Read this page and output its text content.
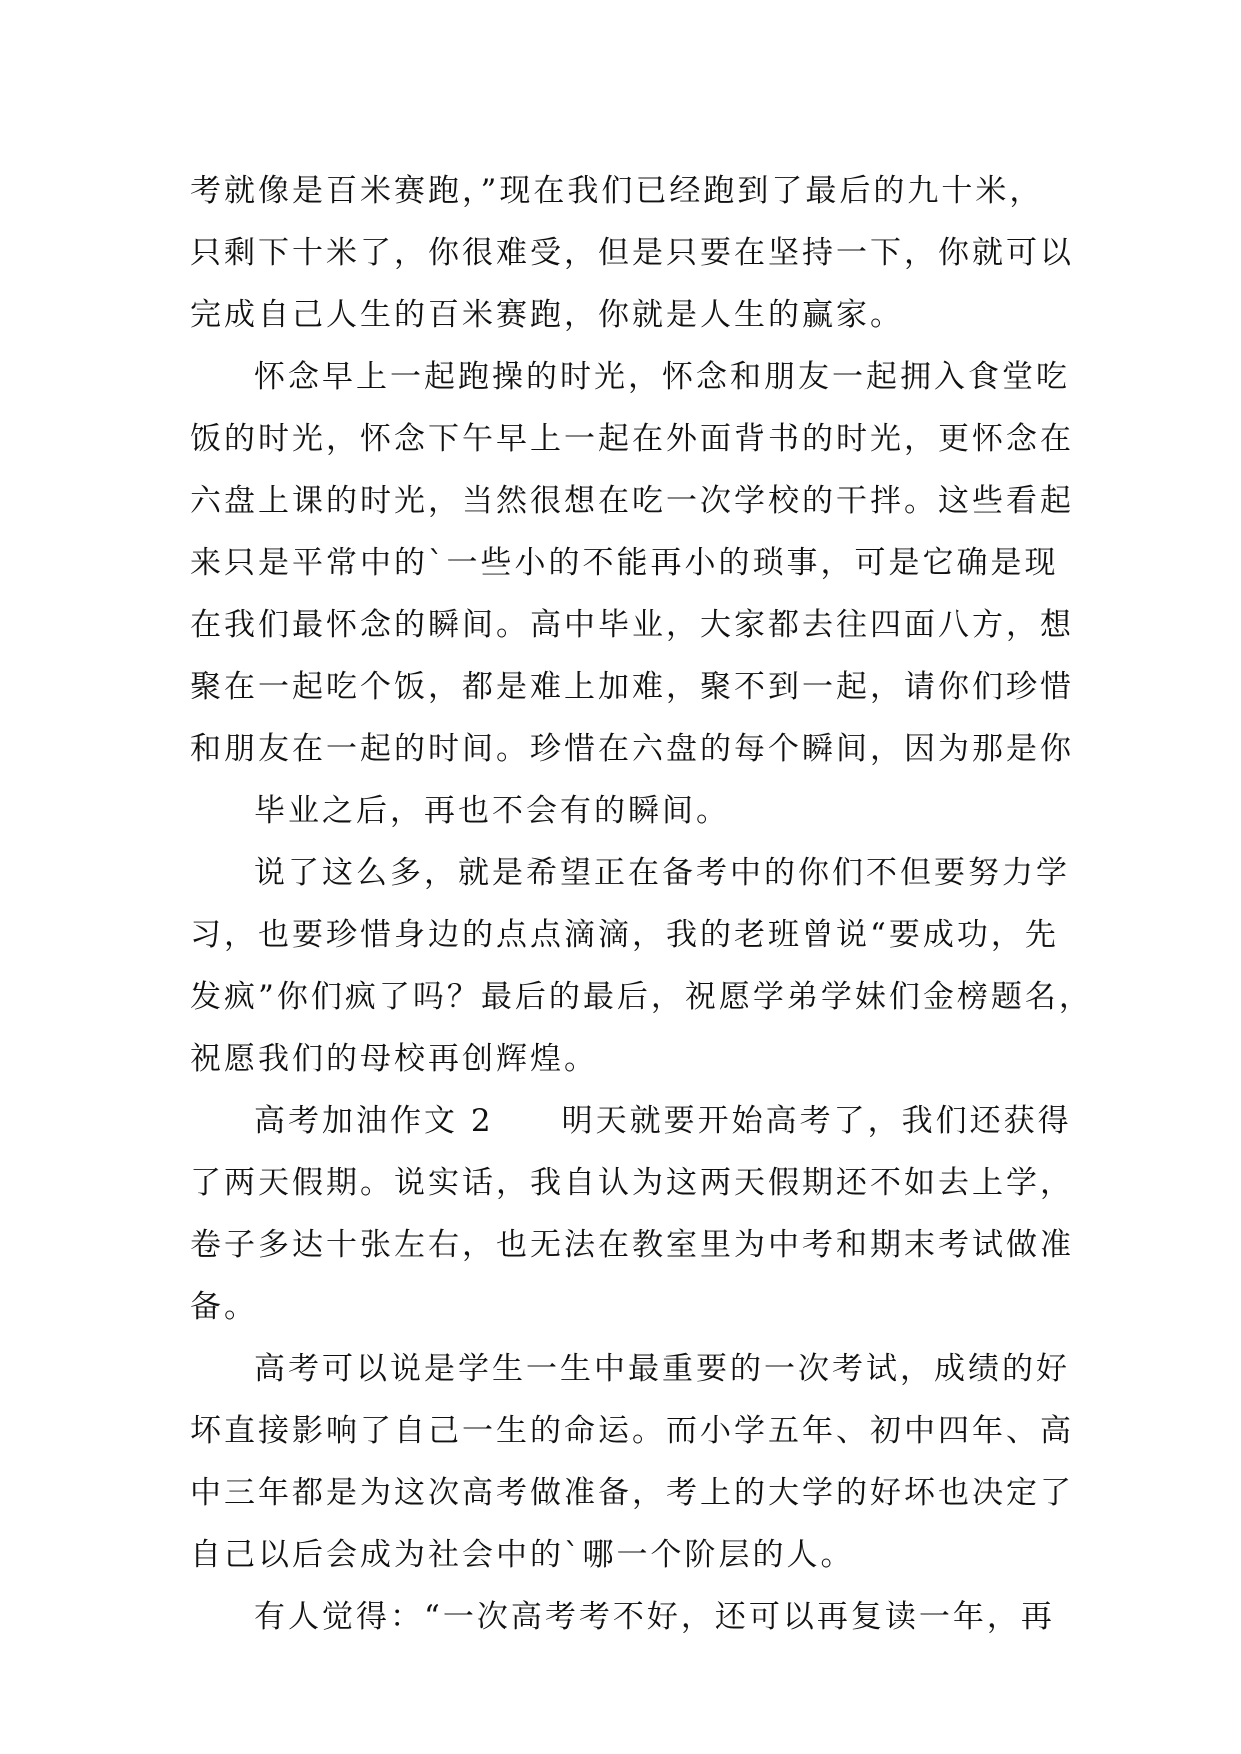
考就像是百米赛跑，”现在我们已经跑到了最后的九十米，
只剩下十米了，你很难受，但是只要在坚持一下，你就可以
完成自己人生的百米赛跑，你就是人生的赢家。
怀念早上一起跑操的时光，怀念和朋友一起拥入食堂吃
饭的时光，怀念下午早上一起在外面背书的时光，更怀念在
六盘上课的时光，当然很想在吃一次学校的干拌。这些看起
来只是平常中的`一些小的不能再小的琐事，可是它确是现
在我们最怀念的瞬间。高中毕业，大家都去往四面八方，想
聚在一起吃个饭，都是难上加难，聚不到一起，请你们珍惜
和朋友在一起的时间。珍惜在六盘的每个瞬间，因为那是你
毕业之后，再也不会有的瞬间。
说了这么多，就是希望正在备考中的你们不但要努力学
习，也要珍惜身边的点点滴滴，我的老班曾说“要成功，先
发疯”你们疯了吗？最后的最后，祝愿学弟学妹们金榜题名，
祝愿我们的母校再创辉煌。
高考加油作文 2　　明天就要开始高考了，我们还获得
了两天假期。说实话，我自认为这两天假期还不如去上学，
卷子多达十张左右，也无法在教室里为中考和期末考试做准
备。
高考可以说是学生一生中最重要的一次考试，成绩的好
坏直接影响了自己一生的命运。而小学五年、初中四年、高
中三年都是为这次高考做准备，考上的大学的好坏也决定了
自己以后会成为社会中的`哪一个阶层的人。
有人觉得：“一次高考考不好，还可以再复读一年，再
